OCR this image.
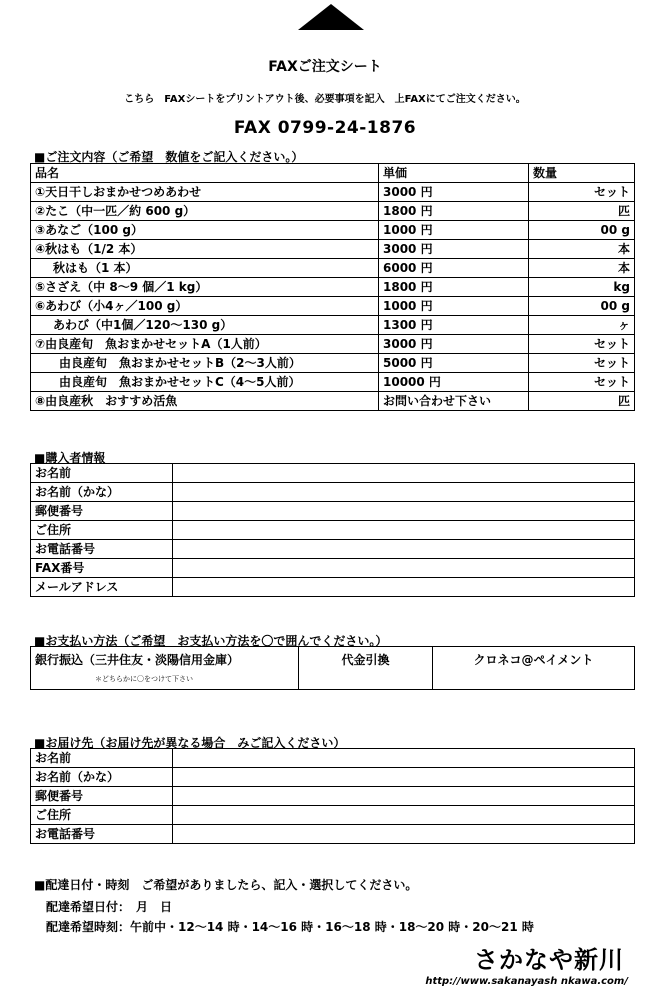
FAXご注文シート
こちら　FAXシートをプリントアウト後、必要事項を記入　上FAXにてご注文ください。
FAX 0799-24-1876
■ご注文内容（ご希望　数値をご記入ください。）
品名	単価	数量
①天日干しおまかせつめあわせ	3000 円	セット
②たこ（中一匹／約 600 g）	1800 円	匹
③あなご（100 g）	1000 円	00 g
④秋はも（1/2 本）	3000 円	本
秋はも（1 本）	6000 円	本
⑤さざえ（中 8～9 個／1 kg）	1800 円	kg
⑥あわび（小4ヶ／100 g）	1000 円	00 g
あわび（中1個／120～130 g）	1300 円	ヶ
⑦由良産旬　魚おまかせセットA（1人前）	3000 円	セット
由良産旬　魚おまかせセットB（2～3人前）	5000 円	セット
由良産旬　魚おまかせセットC（4～5人前）	10000 円	セット
⑧由良産秋　おすすめ活魚	お問い合わせ下さい	匹
■購入者情報
お名前	
お名前（かな）	
郵便番号	
ご住所	
お電話番号	
FAX番号	
メールアドレス	
■お支払い方法（ご希望　お支払い方法を〇で囲んでください。）
銀行振込（三井住友・淡陽信用金庫）
＊どちらかに〇をつけて下さい
	代金引換	クロネコ@ペイメント
■お届け先（お届け先が異なる場合　みご記入ください）
お名前	
お名前（かな）	
郵便番号	
ご住所	
お電話番号	
■配達日付・時刻　ご希望がありましたら、記入・選択してください。
配達希望日付：　月　日
配達希望時刻：午前中・12～14 時・14～16 時・16～18 時・18～20 時・20～21 時
さかなや新川
http://www.sakanayash nkawa.com/
